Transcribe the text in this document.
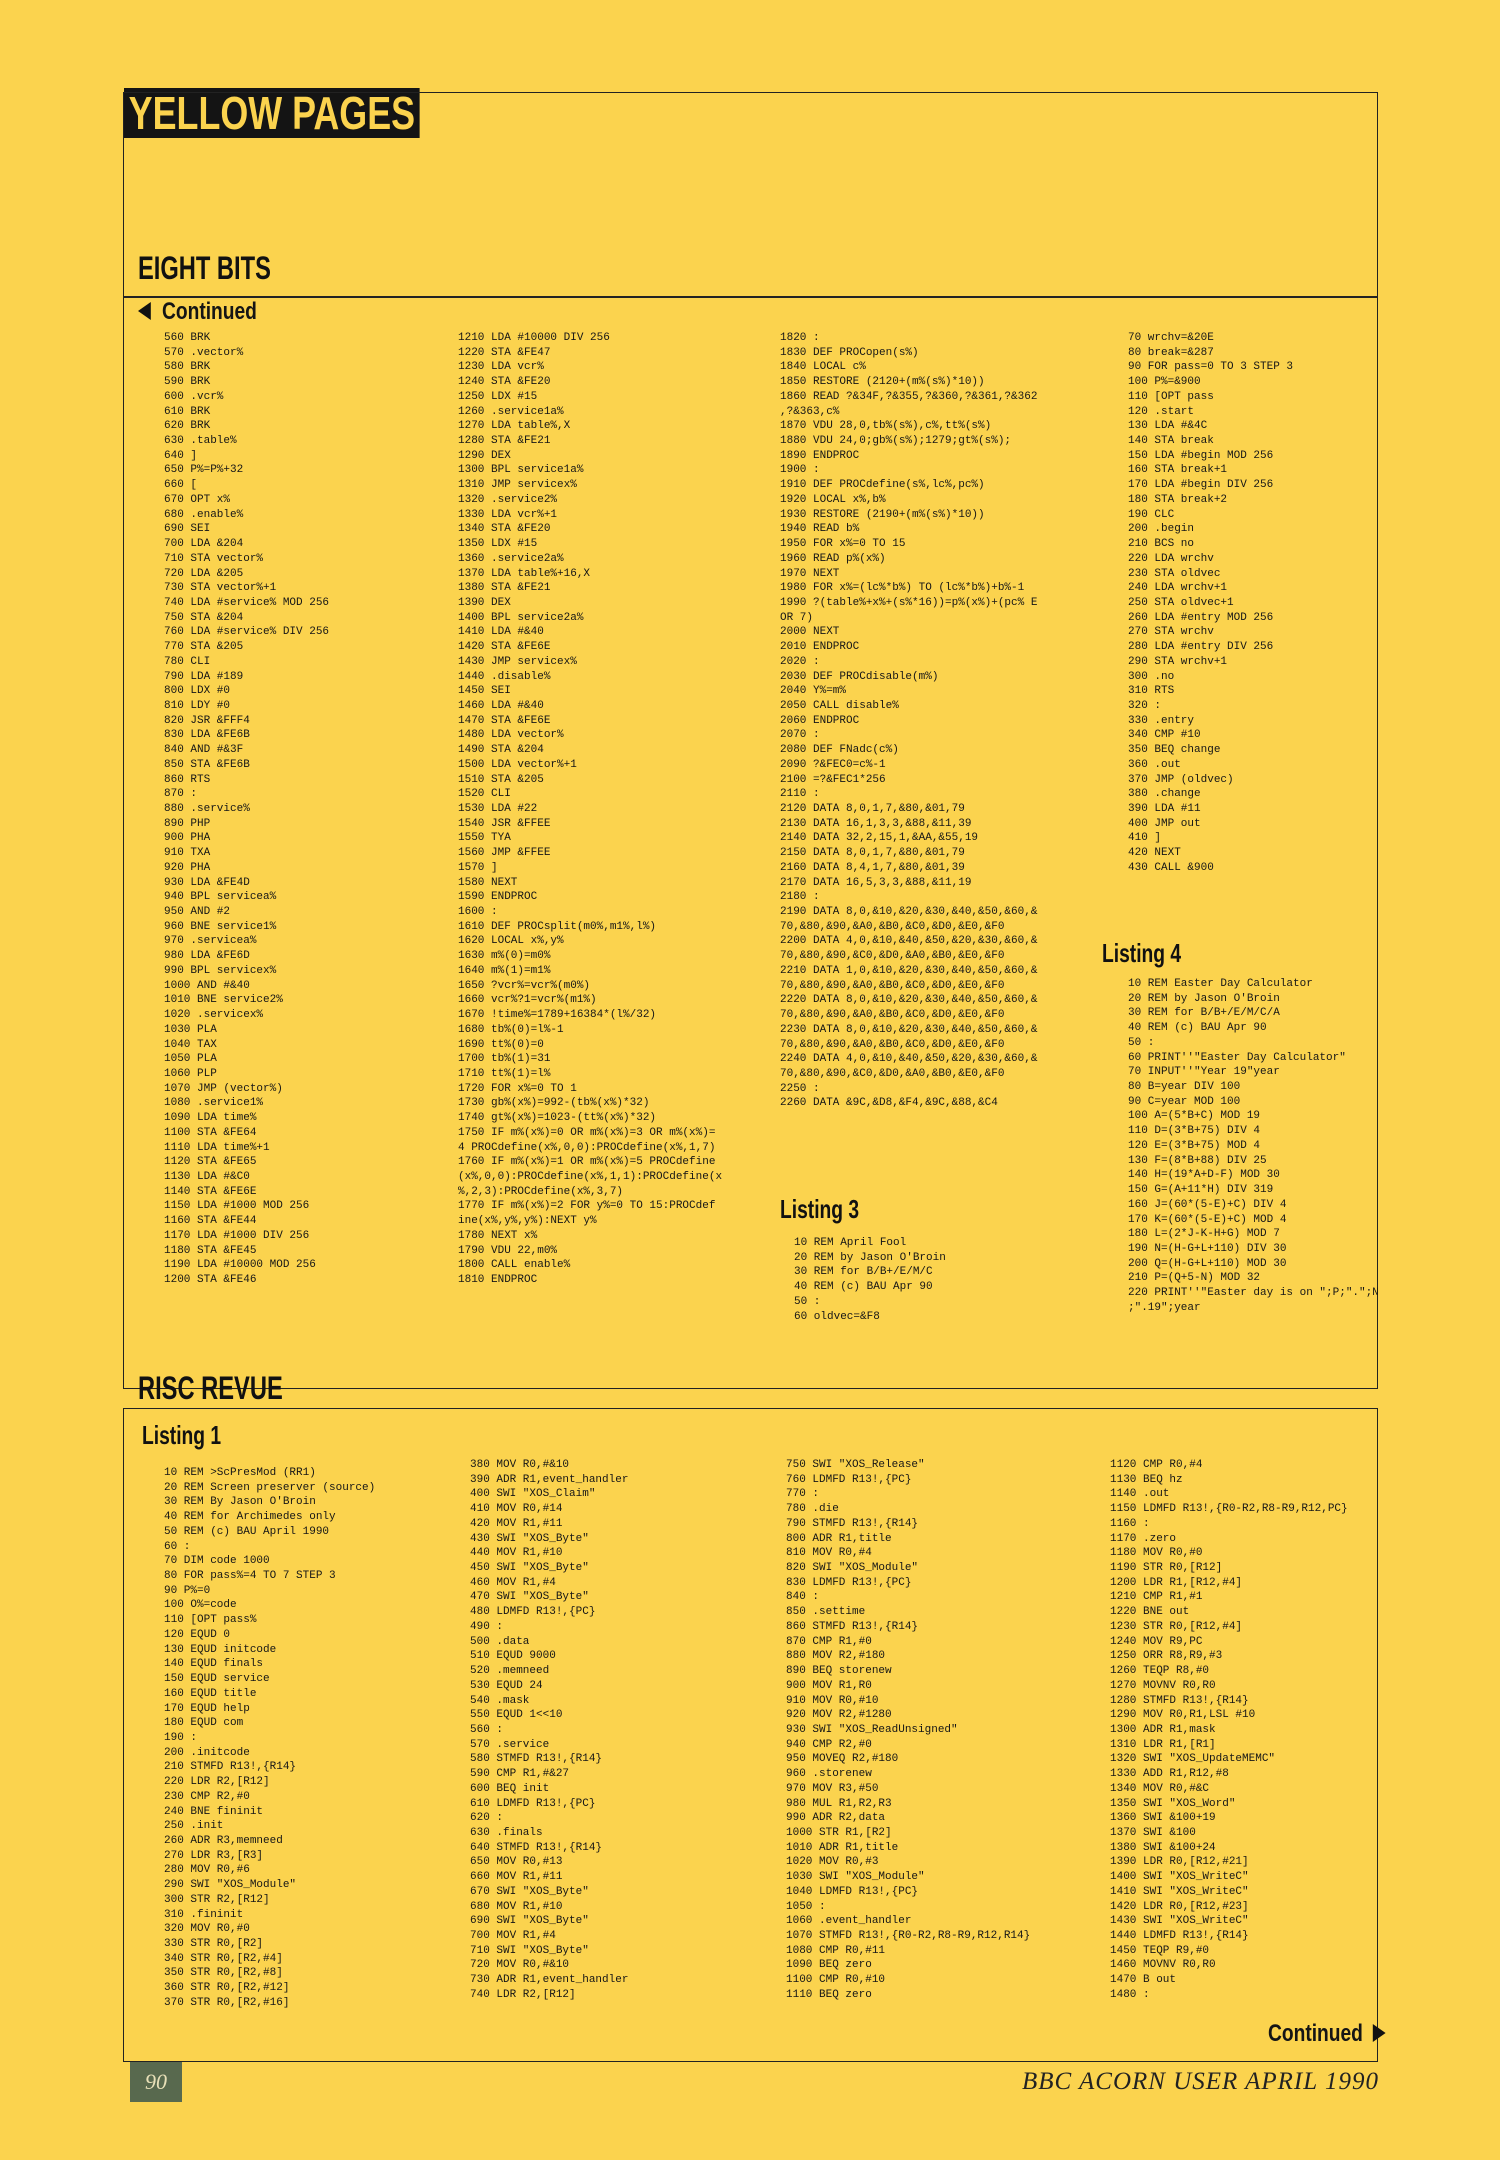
YELLOW PAGES
EIGHT BITS
Continued
560 BRK
570 .vector%
580 BRK
590 BRK
600 .vcr%
610 BRK
620 BRK
630 .table%
640 ]
650 P%=P%+32
660 [
670 OPT x%
680 .enable%
690 SEI
700 LDA &204
710 STA vector%
720 LDA &205
730 STA vector%+1
740 LDA #service% MOD 256
750 STA &204
760 LDA #service% DIV 256
770 STA &205
780 CLI
790 LDA #189
800 LDX #0
810 LDY #0
820 JSR &FFF4
830 LDA &FE6B
840 AND #&3F
850 STA &FE6B
860 RTS
870 :
880 .service%
890 PHP
900 PHA
910 TXA
920 PHA
930 LDA &FE4D
940 BPL servicea%
950 AND #2
960 BNE service1%
970 .servicea%
980 LDA &FE6D
990 BPL servicex%
1000 AND #&40
1010 BNE service2%
1020 .servicex%
1030 PLA
1040 TAX
1050 PLA
1060 PLP
1070 JMP (vector%)
1080 .service1%
1090 LDA time%
1100 STA &FE64
1110 LDA time%+1
1120 STA &FE65
1130 LDA #&C0
1140 STA &FE6E
1150 LDA #1000 MOD 256
1160 STA &FE44
1170 LDA #1000 DIV 256
1180 STA &FE45
1190 LDA #10000 MOD 256
1200 STA &FE46
1210 LDA #10000 DIV 256
1220 STA &FE47
1230 LDA vcr%
1240 STA &FE20
1250 LDX #15
1260 .service1a%
1270 LDA table%,X
1280 STA &FE21
1290 DEX
1300 BPL service1a%
1310 JMP servicex%
1320 .service2%
1330 LDA vcr%+1
1340 STA &FE20
1350 LDX #15
1360 .service2a%
1370 LDA table%+16,X
1380 STA &FE21
1390 DEX
1400 BPL service2a%
1410 LDA #&40
1420 STA &FE6E
1430 JMP servicex%
1440 .disable%
1450 SEI
1460 LDA #&40
1470 STA &FE6E
1480 LDA vector%
1490 STA &204
1500 LDA vector%+1
1510 STA &205
1520 CLI
1530 LDA #22
1540 JSR &FFEE
1550 TYA
1560 JMP &FFEE
1570 ]
1580 NEXT
1590 ENDPROC
1600 :
1610 DEF PROCsplit(m0%,m1%,l%)
1620 LOCAL x%,y%
1630 m%(0)=m0%
1640 m%(1)=m1%
1650 ?vcr%=vcr%(m0%)
1660 vcr%?1=vcr%(m1%)
1670 !time%=1789+16384*(l%/32)
1680 tb%(0)=l%-1
1690 tt%(0)=0
1700 tb%(1)=31
1710 tt%(1)=l%
1720 FOR x%=0 TO 1
1730 gb%(x%)=992-(tb%(x%)*32)
1740 gt%(x%)=1023-(tt%(x%)*32)
1750 IF m%(x%)=0 OR m%(x%)=3 OR m%(x%)=
4 PROCdefine(x%,0,0):PROCdefine(x%,1,7)
1760 IF m%(x%)=1 OR m%(x%)=5 PROCdefine
(x%,0,0):PROCdefine(x%,1,1):PROCdefine(x
%,2,3):PROCdefine(x%,3,7)
1770 IF m%(x%)=2 FOR y%=0 TO 15:PROCdef
ine(x%,y%,y%):NEXT y%
1780 NEXT x%
1790 VDU 22,m0%
1800 CALL enable%
1810 ENDPROC
1820 :
1830 DEF PROCopen(s%)
1840 LOCAL c%
1850 RESTORE (2120+(m%(s%)*10))
1860 READ ?&34F,?&355,?&360,?&361,?&362
,?&363,c%
1870 VDU 28,0,tb%(s%),c%,tt%(s%)
1880 VDU 24,0;gb%(s%);1279;gt%(s%);
1890 ENDPROC
1900 :
1910 DEF PROCdefine(s%,lc%,pc%)
1920 LOCAL x%,b%
1930 RESTORE (2190+(m%(s%)*10))
1940 READ b%
1950 FOR x%=0 TO 15
1960 READ p%(x%)
1970 NEXT
1980 FOR x%=(lc%*b%) TO (lc%*b%)+b%-1
1990 ?(table%+x%+(s%*16))=p%(x%)+(pc% E
OR 7)
2000 NEXT
2010 ENDPROC
2020 :
2030 DEF PROCdisable(m%)
2040 Y%=m%
2050 CALL disable%
2060 ENDPROC
2070 :
2080 DEF FNadc(c%)
2090 ?&FEC0=c%-1
2100 =?&FEC1*256
2110 :
2120 DATA 8,0,1,7,&80,&01,79
2130 DATA 16,1,3,3,&88,&11,39
2140 DATA 32,2,15,1,&AA,&55,19
2150 DATA 8,0,1,7,&80,&01,79
2160 DATA 8,4,1,7,&80,&01,39
2170 DATA 16,5,3,3,&88,&11,19
2180 :
2190 DATA 8,0,&10,&20,&30,&40,&50,&60,&
70,&80,&90,&A0,&B0,&C0,&D0,&E0,&F0
2200 DATA 4,0,&10,&40,&50,&20,&30,&60,&
70,&80,&90,&C0,&D0,&A0,&B0,&E0,&F0
2210 DATA 1,0,&10,&20,&30,&40,&50,&60,&
70,&80,&90,&A0,&B0,&C0,&D0,&E0,&F0
2220 DATA 8,0,&10,&20,&30,&40,&50,&60,&
70,&80,&90,&A0,&B0,&C0,&D0,&E0,&F0
2230 DATA 8,0,&10,&20,&30,&40,&50,&60,&
70,&80,&90,&A0,&B0,&C0,&D0,&E0,&F0
2240 DATA 4,0,&10,&40,&50,&20,&30,&60,&
70,&80,&90,&C0,&D0,&A0,&B0,&E0,&F0
2250 :
2260 DATA &9C,&D8,&F4,&9C,&88,&C4
Listing 3
10 REM April Fool
20 REM by Jason O'Broin
30 REM for B/B+/E/M/C
40 REM (c) BAU Apr 90
50 :
60 oldvec=&F8
70 wrchv=&20E
80 break=&287
90 FOR pass=0 TO 3 STEP 3
100 P%=&900
110 [OPT pass
120 .start
130 LDA #&4C
140 STA break
150 LDA #begin MOD 256
160 STA break+1
170 LDA #begin DIV 256
180 STA break+2
190 CLC
200 .begin
210 BCS no
220 LDA wrchv
230 STA oldvec
240 LDA wrchv+1
250 STA oldvec+1
260 LDA #entry MOD 256
270 STA wrchv
280 LDA #entry DIV 256
290 STA wrchv+1
300 .no
310 RTS
320 :
330 .entry
340 CMP #10
350 BEQ change
360 .out
370 JMP (oldvec)
380 .change
390 LDA #11
400 JMP out
410 ]
420 NEXT
430 CALL &900
Listing 4
10 REM Easter Day Calculator
20 REM by Jason O'Broin
30 REM for B/B+/E/M/C/A
40 REM (c) BAU Apr 90
50 :
60 PRINT''"Easter Day Calculator"
70 INPUT''"Year 19"year
80 B=year DIV 100
90 C=year MOD 100
100 A=(5*B+C) MOD 19
110 D=(3*B+75) DIV 4
120 E=(3*B+75) MOD 4
130 F=(8*B+88) DIV 25
140 H=(19*A+D-F) MOD 30
150 G=(A+11*H) DIV 319
160 J=(60*(5-E)+C) DIV 4
170 K=(60*(5-E)+C) MOD 4
180 L=(2*J-K-H+G) MOD 7
190 N=(H-G+L+110) DIV 30
200 Q=(H-G+L+110) MOD 30
210 P=(Q+5-N) MOD 32
220 PRINT''"Easter day is on ";P;".";N
;".19";year
RISC REVUE
Listing 1
10 REM >ScPresMod (RR1)
20 REM Screen preserver (source)
30 REM By Jason O'Broin
40 REM for Archimedes only
50 REM (c) BAU April 1990
60 :
70 DIM code 1000
80 FOR pass%=4 TO 7 STEP 3
90 P%=0
100 O%=code
110 [OPT pass%
120 EQUD 0
130 EQUD initcode
140 EQUD finals
150 EQUD service
160 EQUD title
170 EQUD help
180 EQUD com
190 :
200 .initcode
210 STMFD R13!,{R14}
220 LDR R2,[R12]
230 CMP R2,#0
240 BNE fininit
250 .init
260 ADR R3,memneed
270 LDR R3,[R3]
280 MOV R0,#6
290 SWI "XOS_Module"
300 STR R2,[R12]
310 .fininit
320 MOV R0,#0
330 STR R0,[R2]
340 STR R0,[R2,#4]
350 STR R0,[R2,#8]
360 STR R0,[R2,#12]
370 STR R0,[R2,#16]
380 MOV R0,#&10
390 ADR R1,event_handler
400 SWI "XOS_Claim"
410 MOV R0,#14
420 MOV R1,#11
430 SWI "XOS_Byte"
440 MOV R1,#10
450 SWI "XOS_Byte"
460 MOV R1,#4
470 SWI "XOS_Byte"
480 LDMFD R13!,{PC}
490 :
500 .data
510 EQUD 9000
520 .memneed
530 EQUD 24
540 .mask
550 EQUD 1<<10
560 :
570 .service
580 STMFD R13!,{R14}
590 CMP R1,#&27
600 BEQ init
610 LDMFD R13!,{PC}
620 :
630 .finals
640 STMFD R13!,{R14}
650 MOV R0,#13
660 MOV R1,#11
670 SWI "XOS_Byte"
680 MOV R1,#10
690 SWI "XOS_Byte"
700 MOV R1,#4
710 SWI "XOS_Byte"
720 MOV R0,#&10
730 ADR R1,event_handler
740 LDR R2,[R12]
750 SWI "XOS_Release"
760 LDMFD R13!,{PC}
770 :
780 .die
790 STMFD R13!,{R14}
800 ADR R1,title
810 MOV R0,#4
820 SWI "XOS_Module"
830 LDMFD R13!,{PC}
840 :
850 .settime
860 STMFD R13!,{R14}
870 CMP R1,#0
880 MOV R2,#180
890 BEQ storenew
900 MOV R1,R0
910 MOV R0,#10
920 MOV R2,#1280
930 SWI "XOS_ReadUnsigned"
940 CMP R2,#0
950 MOVEQ R2,#180
960 .storenew
970 MOV R3,#50
980 MUL R1,R2,R3
990 ADR R2,data
1000 STR R1,[R2]
1010 ADR R1,title
1020 MOV R0,#3
1030 SWI "XOS_Module"
1040 LDMFD R13!,{PC}
1050 :
1060 .event_handler
1070 STMFD R13!,{R0-R2,R8-R9,R12,R14}
1080 CMP R0,#11
1090 BEQ zero
1100 CMP R0,#10
1110 BEQ zero
1120 CMP R0,#4
1130 BEQ hz
1140 .out
1150 LDMFD R13!,{R0-R2,R8-R9,R12,PC}
1160 :
1170 .zero
1180 MOV R0,#0
1190 STR R0,[R12]
1200 LDR R1,[R12,#4]
1210 CMP R1,#1
1220 BNE out
1230 STR R0,[R12,#4]
1240 MOV R9,PC
1250 ORR R8,R9,#3
1260 TEQP R8,#0
1270 MOVNV R0,R0
1280 STMFD R13!,{R14}
1290 MOV R0,R1,LSL #10
1300 ADR R1,mask
1310 LDR R1,[R1]
1320 SWI "XOS_UpdateMEMC"
1330 ADD R1,R12,#8
1340 MOV R0,#&C
1350 SWI "XOS_Word"
1360 SWI &100+19
1370 SWI &100
1380 SWI &100+24
1390 LDR R0,[R12,#21]
1400 SWI "XOS_WriteC"
1410 SWI "XOS_WriteC"
1420 LDR R0,[R12,#23]
1430 SWI "XOS_WriteC"
1440 LDMFD R13!,{R14}
1450 TEQP R9,#0
1460 MOVNV R0,R0
1470 B out
1480 :
Continued
90	BBC ACORN USER APRIL 1990
